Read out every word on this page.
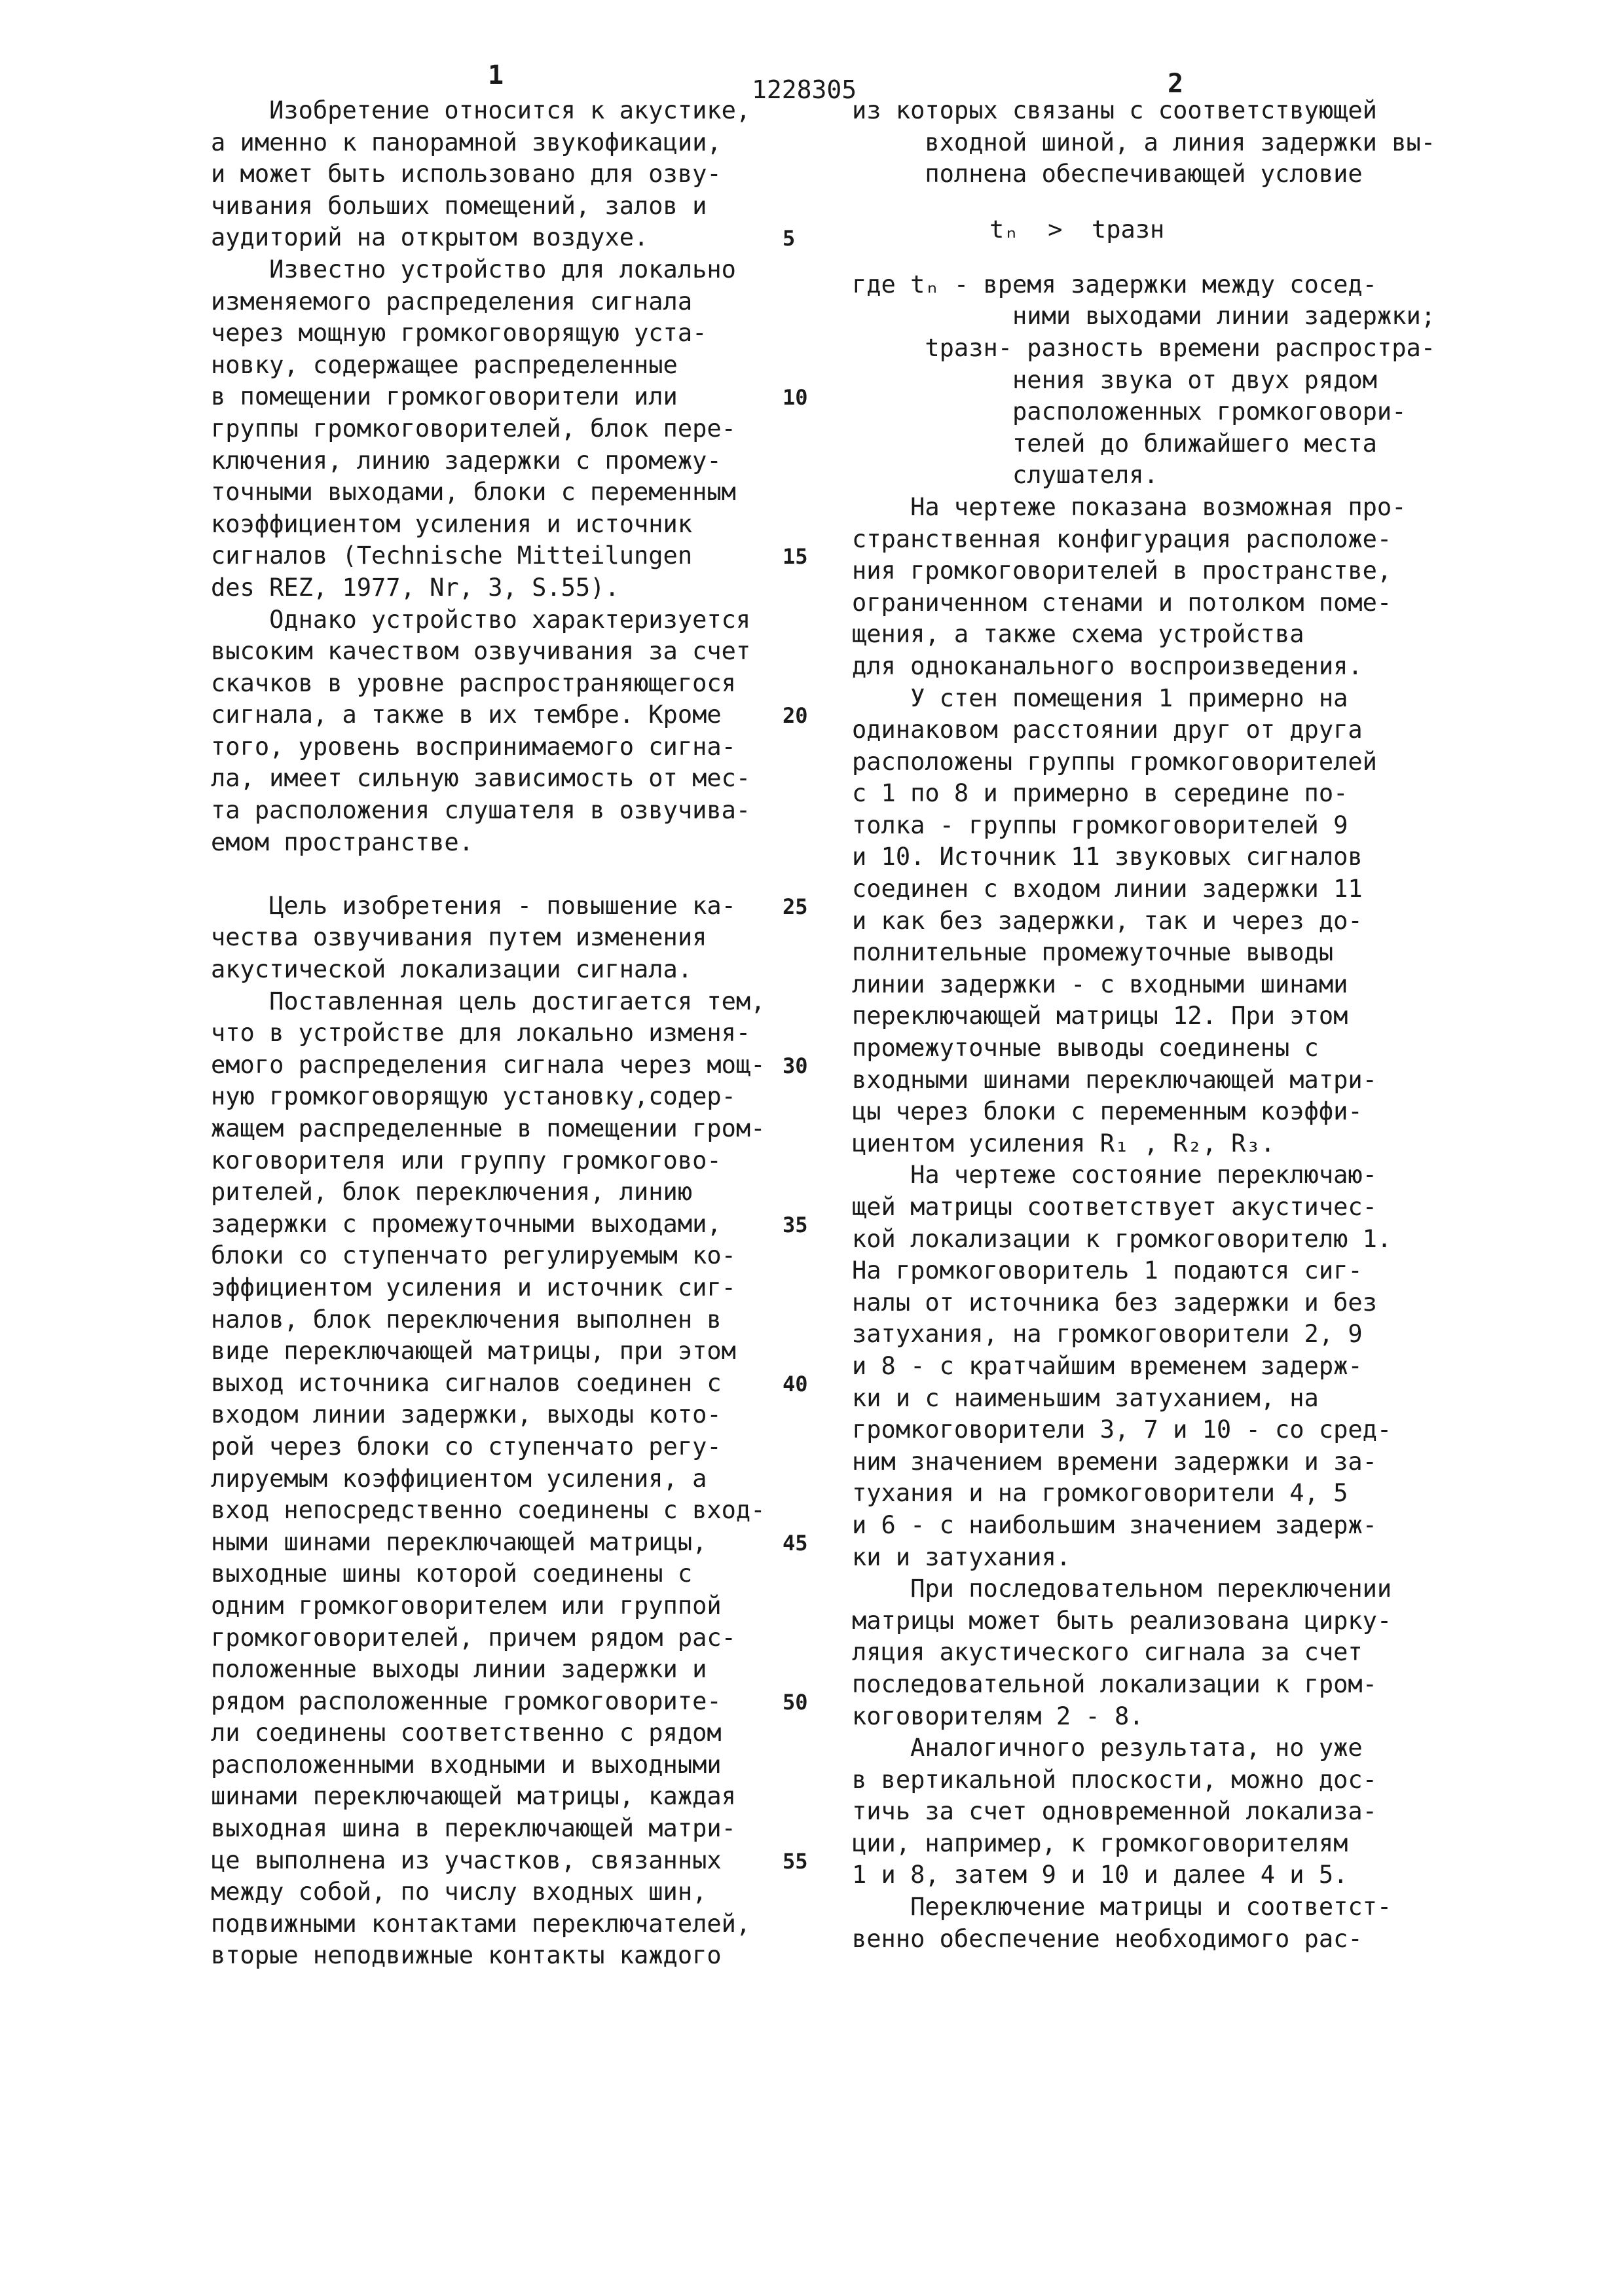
1	1228305	2
Изобретение относится к акустике,
а именно к панорамной звукофикации,
и может быть использовано для озву-
чивания больших помещений, залов и
аудиторий на открытом воздухе.
Известно устройство для локально
изменяемого распределения сигнала
через мощную громкоговорящую уста-
новку, содержащее распределенные
в помещении громкоговорители или
группы громкоговорителей, блок пере-
ключения, линию задержки с промежу-
точными выходами, блоки с переменным
коэффициентом усиления и источник
сигналов (Technische Mitteilungen
des REZ, 1977, Nr, 3, S.55).
Однако устройство характеризуется
высоким качеством озвучивания за счет
скачков в уровне распространяющегося
сигнала, а также в их тембре. Кроме
того, уровень воспринимаемого сигна-
ла, имеет сильную зависимость от мес-
та расположения слушателя в озвучива-
емом пространстве.
Цель изобретения - повышение ка-
чества озвучивания путем изменения
акустической локализации сигнала.
Поставленная цель достигается тем,
что в устройстве для локально изменя-
емого распределения сигнала через мощ-
ную громкоговорящую установку,содер-
жащем распределенные в помещении гром-
коговорителя или группу громкогово-
рителей, блок переключения, линию
задержки с промежуточными выходами,
блоки со ступенчато регулируемым ко-
эффициентом усиления и источник сиг-
налов, блок переключения выполнен в
виде переключающей матрицы, при этом
выход источника сигналов соединен с
входом линии задержки, выходы кото-
рой через блоки со ступенчато регу-
лируемым коэффициентом усиления, а
вход непосредственно соединены с вход-
ными шинами переключающей матрицы,
выходные шины которой соединены с
одним громкоговорителем или группой
громкоговорителей, причем рядом рас-
положенные выходы линии задержки и
рядом расположенные громкоговорите-
ли соединены соответственно с рядом
расположенными входными и выходными
шинами переключающей матрицы, каждая
выходная шина в переключающей матри-
це выполнена из участков, связанных
между собой, по числу входных шин,
подвижными контактами переключателей,
вторые неподвижные контакты каждого
из которых связаны с соответствующей
входной шиной, а линия задержки вы-
полнена обеспечивающей условие
tₙ  >  tразн
где tₙ - время задержки между сосед-
ними выходами линии задержки;
tразн- разность времени распростра-
нения звука от двух рядом
расположенных громкоговори-
телей до ближайшего места
слушателя.
На чертеже показана возможная про-
странственная конфигурация расположе-
ния громкоговорителей в пространстве,
ограниченном стенами и потолком поме-
щения, а также схема устройства
для одноканального воспроизведения.
У стен помещения 1 примерно на
одинаковом расстоянии друг от друга
расположены группы громкоговорителей
с 1 по 8 и примерно в середине по-
толка - группы громкоговорителей 9
и 10. Источник 11 звуковых сигналов
соединен с входом линии задержки 11
и как без задержки, так и через до-
полнительные промежуточные выводы
линии задержки - с входными шинами
переключающей матрицы 12. При этом
промежуточные выводы соединены с
входными шинами переключающей матри-
цы через блоки с переменным коэффи-
циентом усиления R₁ , R₂, R₃.
На чертеже состояние переключаю-
щей матрицы соответствует акустичес-
кой локализации к громкоговорителю 1.
На громкоговоритель 1 подаются сиг-
налы от источника без задержки и без
затухания, на громкоговорители 2, 9
и 8 - с кратчайшим временем задерж-
ки и с наименьшим затуханием, на
громкоговорители 3, 7 и 10 - со сред-
ним значением времени задержки и за-
тухания и на громкоговорители 4, 5
и 6 - с наибольшим значением задерж-
ки и затухания.
При последовательном переключении
матрицы может быть реализована цирку-
ляция акустического сигнала за счет
последовательной локализации к гром-
коговорителям 2 - 8.
Аналогичного результата, но уже
в вертикальной плоскости, можно дос-
тичь за счет одновременной локализа-
ции, например, к громкоговорителям
1 и 8, затем 9 и 10 и далее 4 и 5.
Переключение матрицы и соответст-
венно обеспечение необходимого рас-
5
10
15
20
25
30
35
40
45
50
55
